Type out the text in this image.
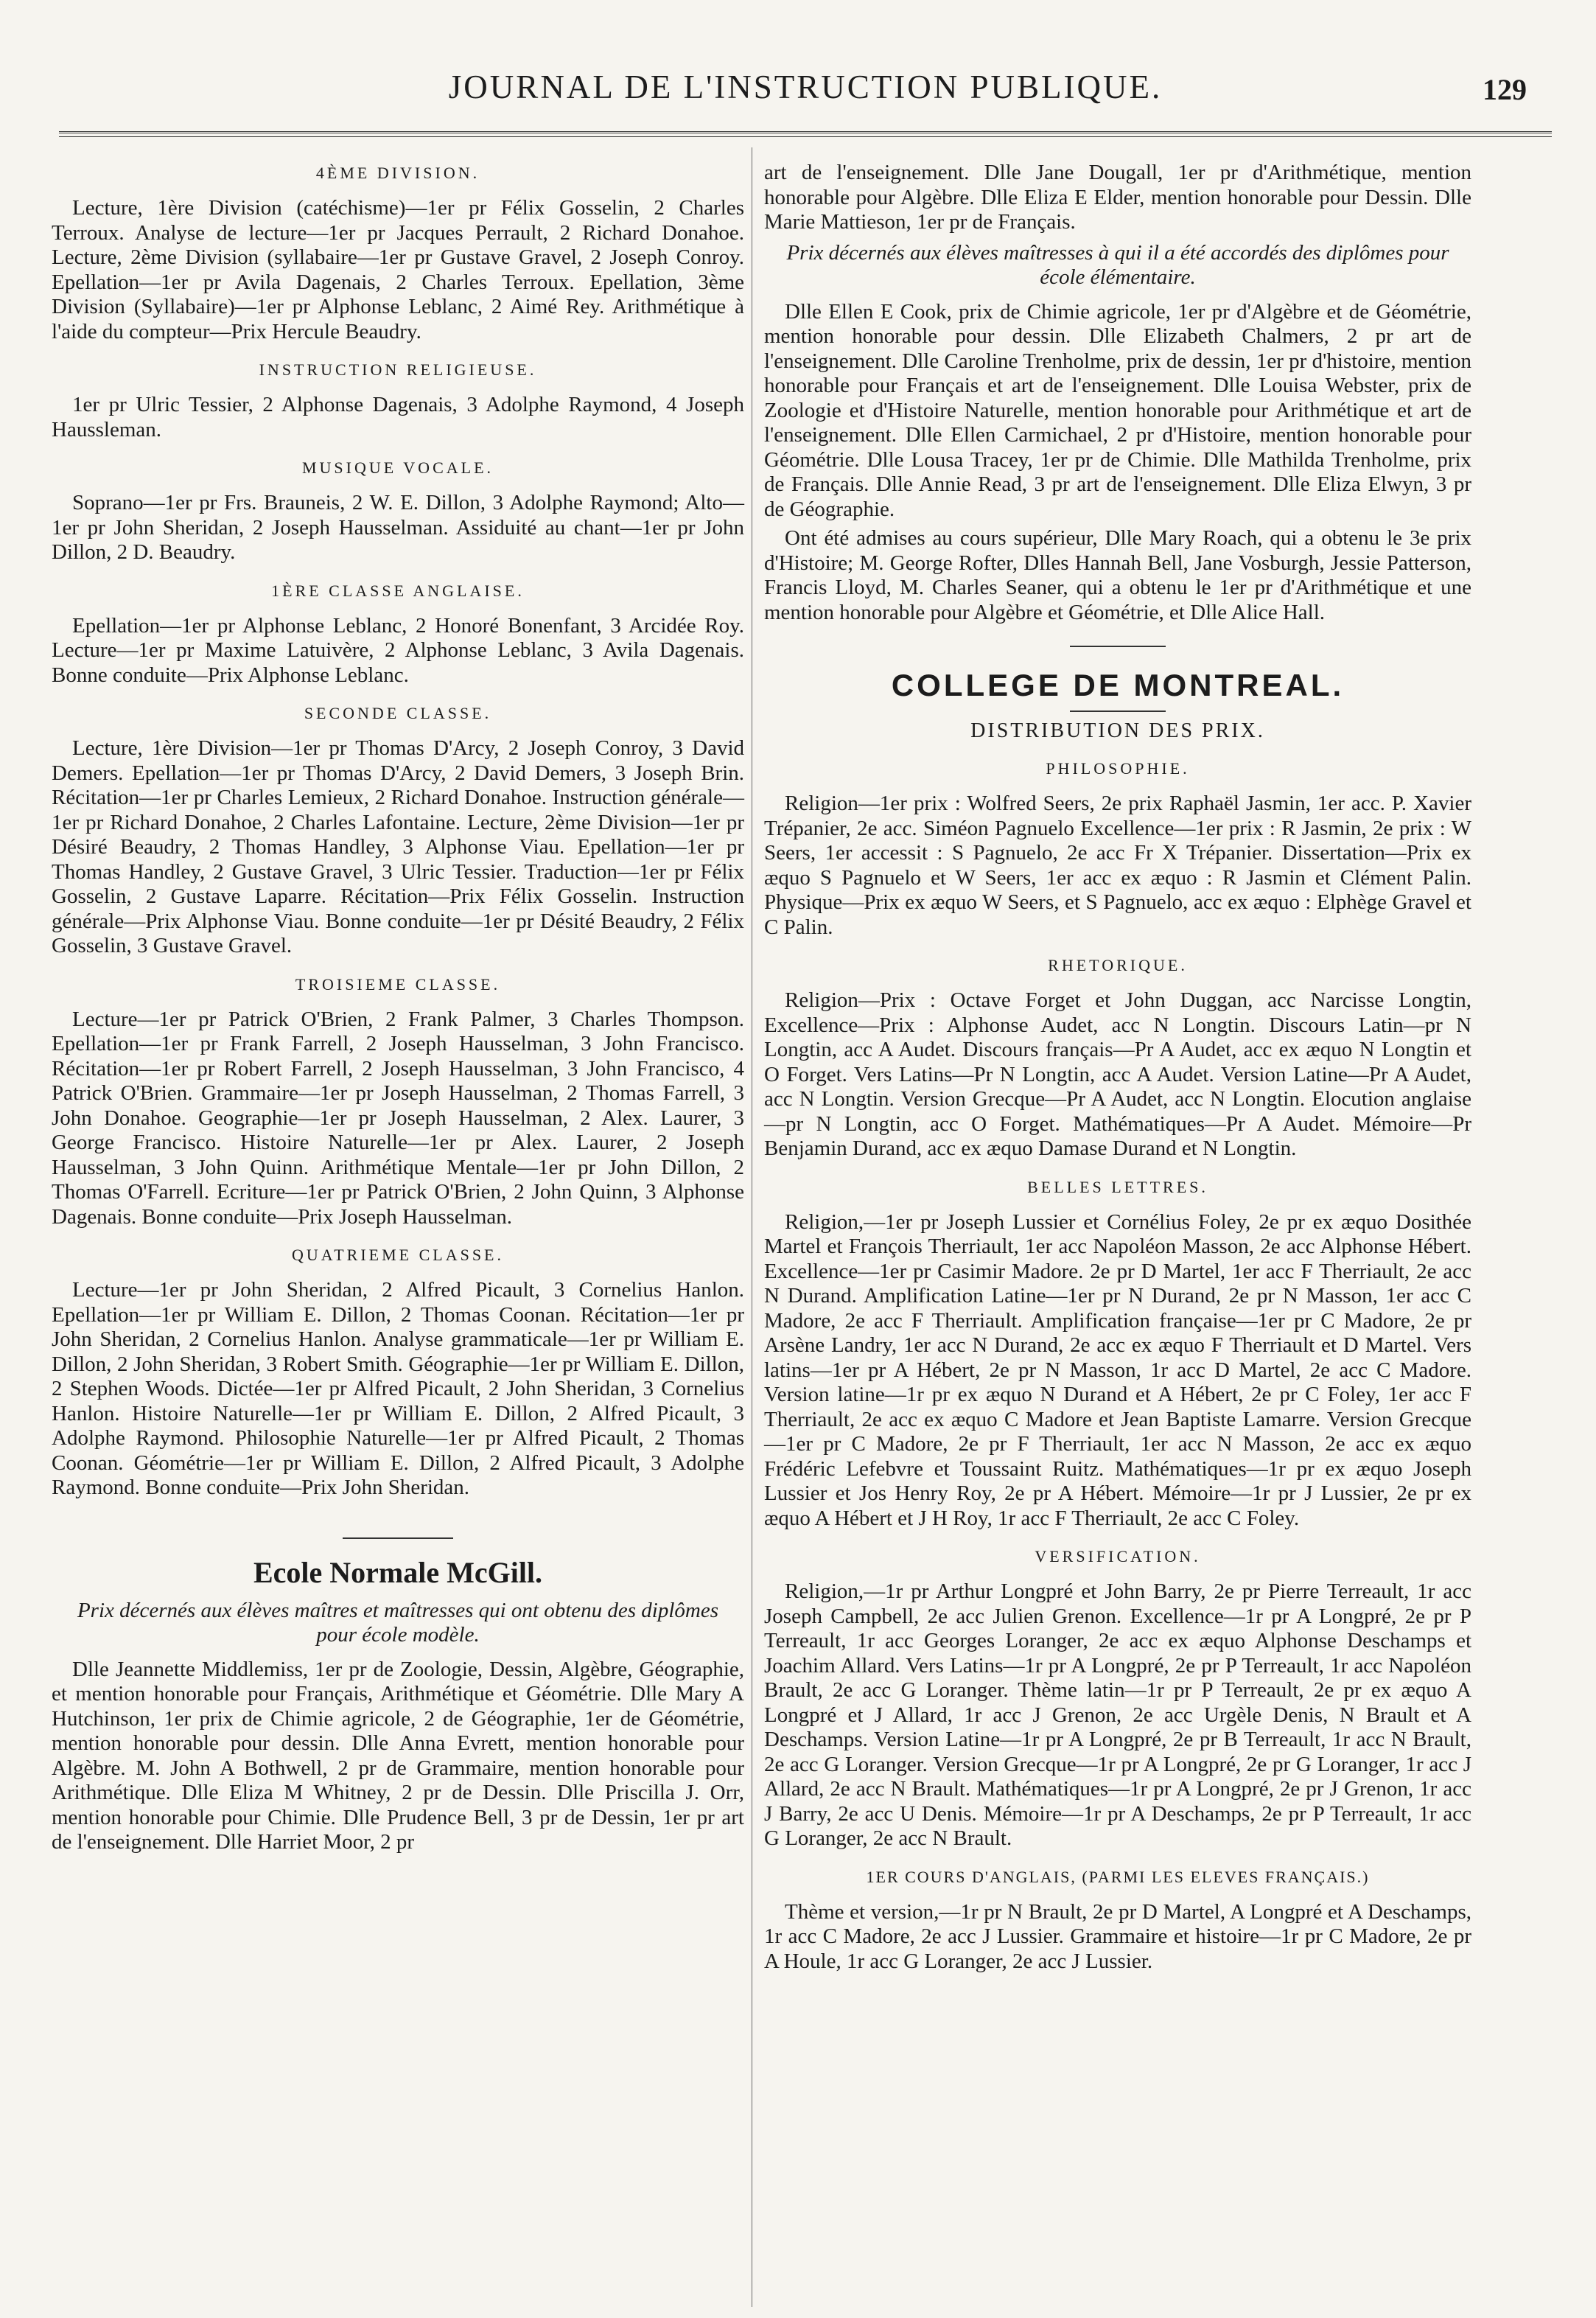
JOURNAL DE L'INSTRUCTION PUBLIQUE.	129
4ÈME DIVISION.

Lecture, 1ère Division (catéchisme)—1er pr Félix Gosselin, 2 Charles Terroux. Analyse de lecture—1er pr Jacques Perrault, 2 Richard Donahoe. Lecture, 2ème Division (syllabaire—1er pr Gustave Gravel, 2 Joseph Conroy. Epellation—1er pr Avila Dagenais, 2 Charles Terroux. Epellation, 3ème Division (Syllabaire)—1er pr Alphonse Leblanc, 2 Aimé Rey. Arithmétique à l'aide du compteur—Prix Hercule Beaudry.

INSTRUCTION RELIGIEUSE.

1er pr Ulric Tessier, 2 Alphonse Dagenais, 3 Adolphe Raymond, 4 Joseph Haussleman.

MUSIQUE VOCALE.

Soprano—1er pr Frs. Brauneis, 2 W. E. Dillon, 3 Adolphe Raymond; Alto—1er pr John Sheridan, 2 Joseph Hausselman. Assiduité au chant—1er pr John Dillon, 2 D. Beaudry.

1ÈRE CLASSE ANGLAISE.

Epellation—1er pr Alphonse Leblanc, 2 Honoré Bonenfant, 3 Arcidée Roy. Lecture—1er pr Maxime Latuivère, 2 Alphonse Leblanc, 3 Avila Dagenais. Bonne conduite—Prix Alphonse Leblanc.

SECONDE CLASSE.

Lecture, 1ère Division—1er pr Thomas D'Arcy, 2 Joseph Conroy, 3 David Demers. Epellation—1er pr Thomas D'Arcy, 2 David Demers, 3 Joseph Brin. Récitation—1er pr Charles Lemieux, 2 Richard Donahoe. Instruction générale—1er pr Richard Donahoe, 2 Charles Lafontaine. Lecture, 2ème Division—1er pr Désiré Beaudry, 2 Thomas Handley, 3 Alphonse Viau. Epellation—1er pr Thomas Handley, 2 Gustave Gravel, 3 Ulric Tessier. Traduction—1er pr Félix Gosselin, 2 Gustave Laparre. Récitation—Prix Félix Gosselin. Instruction générale—Prix Alphonse Viau. Bonne conduite—1er pr Désité Beaudry, 2 Félix Gosselin, 3 Gustave Gravel.

TROISIEME CLASSE.

Lecture—1er pr Patrick O'Brien, 2 Frank Palmer, 3 Charles Thompson. Epellation—1er pr Frank Farrell, 2 Joseph Hausselman, 3 John Francisco. Récitation—1er pr Robert Farrell, 2 Joseph Hausselman, 3 John Francisco, 4 Patrick O'Brien. Grammaire—1er pr Joseph Hausselman, 2 Thomas Farrell, 3 John Donahoe. Geographie—1er pr Joseph Hausselman, 2 Alex. Laurer, 3 George Francisco. Histoire Naturelle—1er pr Alex. Laurer, 2 Joseph Hausselman, 3 John Quinn. Arithmétique Mentale—1er pr John Dillon, 2 Thomas O'Farrell. Ecriture—1er pr Patrick O'Brien, 2 John Quinn, 3 Alphonse Dagenais. Bonne conduite—Prix Joseph Hausselman.

QUATRIEME CLASSE.

Lecture—1er pr John Sheridan, 2 Alfred Picault, 3 Cornelius Hanlon. Epellation—1er pr William E. Dillon, 2 Thomas Coonan. Récitation—1er pr John Sheridan, 2 Cornelius Hanlon. Analyse grammaticale—1er pr William E. Dillon, 2 John Sheridan, 3 Robert Smith. Géographie—1er pr William E. Dillon, 2 Stephen Woods. Dictée—1er pr Alfred Picault, 2 John Sheridan, 3 Cornelius Hanlon. Histoire Naturelle—1er pr William E. Dillon, 2 Alfred Picault, 3 Adolphe Raymond. Philosophie Naturelle—1er pr Alfred Picault, 2 Thomas Coonan. Géométrie—1er pr William E. Dillon, 2 Alfred Picault, 3 Adolphe Raymond. Bonne conduite—Prix John Sheridan.

Ecole Normale McGill.
Prix décernés aux élèves maîtres et maîtresses qui ont obtenu des diplômes pour école modèle.

Dlle Jeannette Middlemiss, 1er pr de Zoologie, Dessin, Algèbre, Géographie, et mention honorable pour Français, Arithmétique et Géométrie. Dlle Mary A Hutchinson, 1er prix de Chimie agricole, 2 de Géographie, 1er de Géométrie, mention honorable pour dessin. Dlle Anna Evrett, mention honorable pour Algèbre. M. John A Bothwell, 2 pr de Grammaire, mention honorable pour Arithmétique. Dlle Eliza M Whitney, 2 pr de Dessin. Dlle Priscilla J. Orr, mention honorable pour Chimie. Dlle Prudence Bell, 3 pr de Dessin, 1er pr art de l'enseignement. Dlle Harriet Moor, 2 pr

art de l'enseignement. Dlle Jane Dougall, 1er pr d'Arithmétique, mention honorable pour Algèbre. Dlle Eliza E Elder, mention honorable pour Dessin. Dlle Marie Mattieson, 1er pr de Français.

Prix décernés aux élèves maîtresses à qui il a été accordés des diplômes pour école élémentaire.

Dlle Ellen E Cook, prix de Chimie agricole, 1er pr d'Algèbre et de Géométrie, mention honorable pour dessin. Dlle Elizabeth Chalmers, 2 pr art de l'enseignement. Dlle Caroline Trenholme, prix de dessin, 1er pr d'histoire, mention honorable pour Français et art de l'enseignement. Dlle Louisa Webster, prix de Zoologie et d'Histoire Naturelle, mention honorable pour Arithmétique et art de l'enseignement. Dlle Ellen Carmichael, 2 pr d'Histoire, mention honorable pour Géométrie. Dlle Lousa Tracey, 1er pr de Chimie. Dlle Mathilda Trenholme, prix de Français. Dlle Annie Read, 3 pr art de l'enseignement. Dlle Eliza Elwyn, 3 pr de Géographie.

Ont été admises au cours supérieur, Dlle Mary Roach, qui a obtenu le 3e prix d'Histoire; M. George Rofter, Dlles Hannah Bell, Jane Vosburgh, Jessie Patterson, Francis Lloyd, M. Charles Seaner, qui a obtenu le 1er pr d'Arithmétique et une mention honorable pour Algèbre et Géométrie, et Dlle Alice Hall.

COLLEGE DE MONTREAL.
DISTRIBUTION DES PRIX.
PHILOSOPHIE.

Religion—1er prix : Wolfred Seers, 2e prix Raphaël Jasmin, 1er acc. P. Xavier Trépanier, 2e acc. Siméon Pagnuelo Excellence—1er prix : R Jasmin, 2e prix : W Seers, 1er accessit : S Pagnuelo, 2e acc Fr X Trépanier. Dissertation—Prix ex æquo S Pagnuelo et W Seers, 1er acc ex æquo : R Jasmin et Clément Palin. Physique—Prix ex æquo W Seers, et S Pagnuelo, acc ex æquo : Elphège Gravel et C Palin.

RHETORIQUE.

Religion—Prix : Octave Forget et John Duggan, acc Narcisse Longtin, Excellence—Prix : Alphonse Audet, acc N Longtin. Discours Latin—pr N Longtin, acc A Audet. Discours français—Pr A Audet, acc ex æquo N Longtin et O Forget. Vers Latins—Pr N Longtin, acc A Audet. Version Latine—Pr A Audet, acc N Longtin. Version Grecque—Pr A Audet, acc N Longtin. Elocution anglaise—pr N Longtin, acc O Forget. Mathématiques—Pr A Audet. Mémoire—Pr Benjamin Durand, acc ex æquo Damase Durand et N Longtin.

BELLES LETTRES.

Religion,—1er pr Joseph Lussier et Cornélius Foley, 2e pr ex æquo Dosithée Martel et François Therriault, 1er acc Napoléon Masson, 2e acc Alphonse Hébert. Excellence—1er pr Casimir Madore. 2e pr D Martel, 1er acc F Therriault, 2e acc N Durand. Amplification Latine—1er pr N Durand, 2e pr N Masson, 1er acc C Madore, 2e acc F Therriault. Amplification française—1er pr C Madore, 2e pr Arsène Landry, 1er acc N Durand, 2e acc ex æquo F Therriault et D Martel. Vers latins—1er pr A Hébert, 2e pr N Masson, 1r acc D Martel, 2e acc C Madore. Version latine—1r pr ex æquo N Durand et A Hébert, 2e pr C Foley, 1er acc F Therriault, 2e acc ex æquo C Madore et Jean Baptiste Lamarre. Version Grecque—1er pr C Madore, 2e pr F Therriault, 1er acc N Masson, 2e acc ex æquo Frédéric Lefebvre et Toussaint Ruitz. Mathématiques—1r pr ex æquo Joseph Lussier et Jos Henry Roy, 2e pr A Hébert. Mémoire—1r pr J Lussier, 2e pr ex æquo A Hébert et J H Roy, 1r acc F Therriault, 2e acc C Foley.

VERSIFICATION.

Religion,—1r pr Arthur Longpré et John Barry, 2e pr Pierre Terreault, 1r acc Joseph Campbell, 2e acc Julien Grenon. Excellence—1r pr A Longpré, 2e pr P Terreault, 1r acc Georges Loranger, 2e acc ex æquo Alphonse Deschamps et Joachim Allard. Vers Latins—1r pr A Longpré, 2e pr P Terreault, 1r acc Napoléon Brault, 2e acc G Loranger. Thème latin—1r pr P Terreault, 2e pr ex æquo A Longpré et J Allard, 1r acc J Grenon, 2e acc Urgèle Denis, N Brault et A Deschamps. Version Latine—1r pr A Longpré, 2e pr B Terreault, 1r acc N Brault, 2e acc G Loranger. Version Grecque—1r pr A Longpré, 2e pr G Loranger, 1r acc J Allard, 2e acc N Brault. Mathématiques—1r pr A Longpré, 2e pr J Grenon, 1r acc J Barry, 2e acc U Denis. Mémoire—1r pr A Deschamps, 2e pr P Terreault, 1r acc G Loranger, 2e acc N Brault.

1ER COURS D'ANGLAIS, (PARMI LES ELEVES FRANÇAIS.)

Thème et version,—1r pr N Brault, 2e pr D Martel, A Longpré et A Deschamps, 1r acc C Madore, 2e acc J Lussier. Grammaire et histoire—1r pr C Madore, 2e pr A Houle, 1r acc G Loranger, 2e acc J Lussier.
